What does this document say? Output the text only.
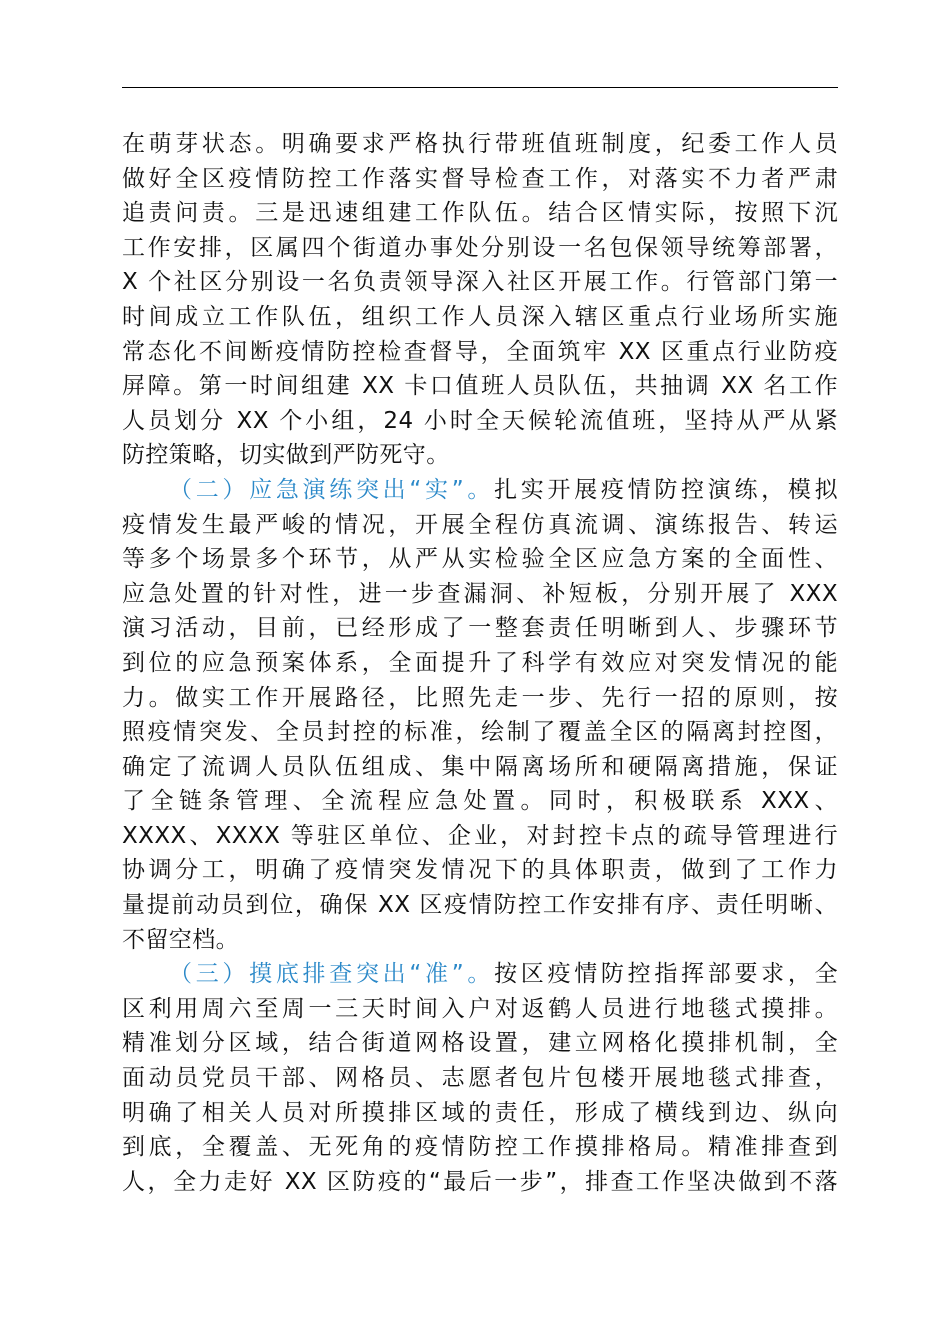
在萌芽状态。明确要求严格执行带班值班制度，纪委工作人员
做好全区疫情防控工作落实督导检查工作，对落实不力者严肃
追责问责。三是迅速组建工作队伍。结合区情实际，按照下沉
工作安排，区属四个街道办事处分别设一名包保领导统筹部署，
X 个社区分别设一名负责领导深入社区开展工作。行管部门第一
时间成立工作队伍，组织工作人员深入辖区重点行业场所实施
常态化不间断疫情防控检查督导，全面筑牢 XX 区重点行业防疫
屏障。第一时间组建 XX 卡口值班人员队伍，共抽调 XX 名工作
人员划分 XX 个小组，24 小时全天候轮流值班，坚持从严从紧
防控策略，切实做到严防死守。
（二）应急演练突出“实”。扎实开展疫情防控演练，模拟
疫情发生最严峻的情况，开展全程仿真流调、演练报告、转运
等多个场景多个环节，从严从实检验全区应急方案的全面性、
应急处置的针对性，进一步查漏洞、补短板，分别开展了 XXX
演习活动，目前，已经形成了一整套责任明晰到人、步骤环节
到位的应急预案体系，全面提升了科学有效应对突发情况的能
力。做实工作开展路径，比照先走一步、先行一招的原则，按
照疫情突发、全员封控的标准，绘制了覆盖全区的隔离封控图，
确定了流调人员队伍组成、集中隔离场所和硬隔离措施，保证
了全链条管理、全流程应急处置。同时，积极联系 XXX、
XXXX、XXXX 等驻区单位、企业，对封控卡点的疏导管理进行
协调分工，明确了疫情突发情况下的具体职责，做到了工作力
量提前动员到位，确保 XX 区疫情防控工作安排有序、责任明晰、
不留空档。
（三）摸底排查突出“准”。按区疫情防控指挥部要求，全
区利用周六至周一三天时间入户对返鹤人员进行地毯式摸排。
精准划分区域，结合街道网格设置，建立网格化摸排机制，全
面动员党员干部、网格员、志愿者包片包楼开展地毯式排查，
明确了相关人员对所摸排区域的责任，形成了横线到边、纵向
到底，全覆盖、无死角的疫情防控工作摸排格局。精准排查到
人，全力走好 XX 区防疫的“最后一步”，排查工作坚决做到不落
